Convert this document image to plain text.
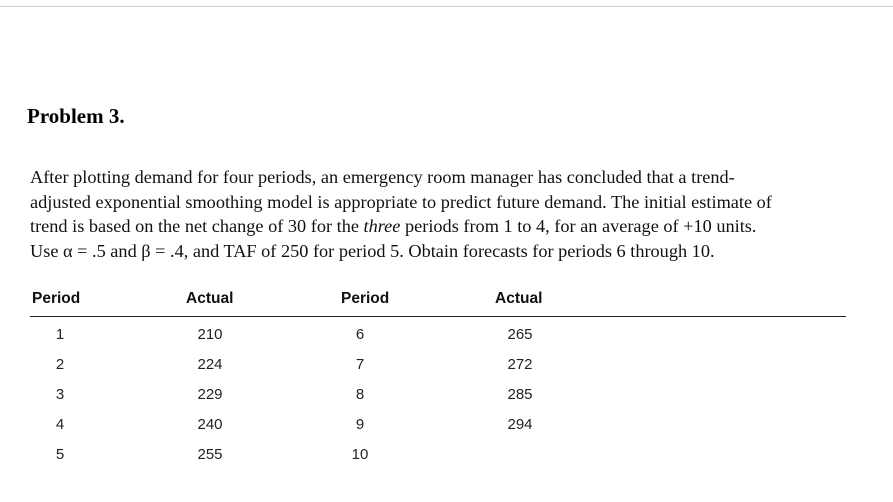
Problem 3.
After plotting demand for four periods, an emergency room manager has concluded that a trend-
adjusted exponential smoothing model is appropriate to predict future demand. The initial estimate of
trend is based on the net change of 30 for the three periods from 1 to 4, for an average of +10 units.
Use α = .5 and β = .4, and TAF of 250 for period 5. Obtain forecasts for periods 6 through 10.
Period	Actual	Period	Actual
1	210	6	265
2	224	7	272
3	229	8	285
4	240	9	294
5	255	10
